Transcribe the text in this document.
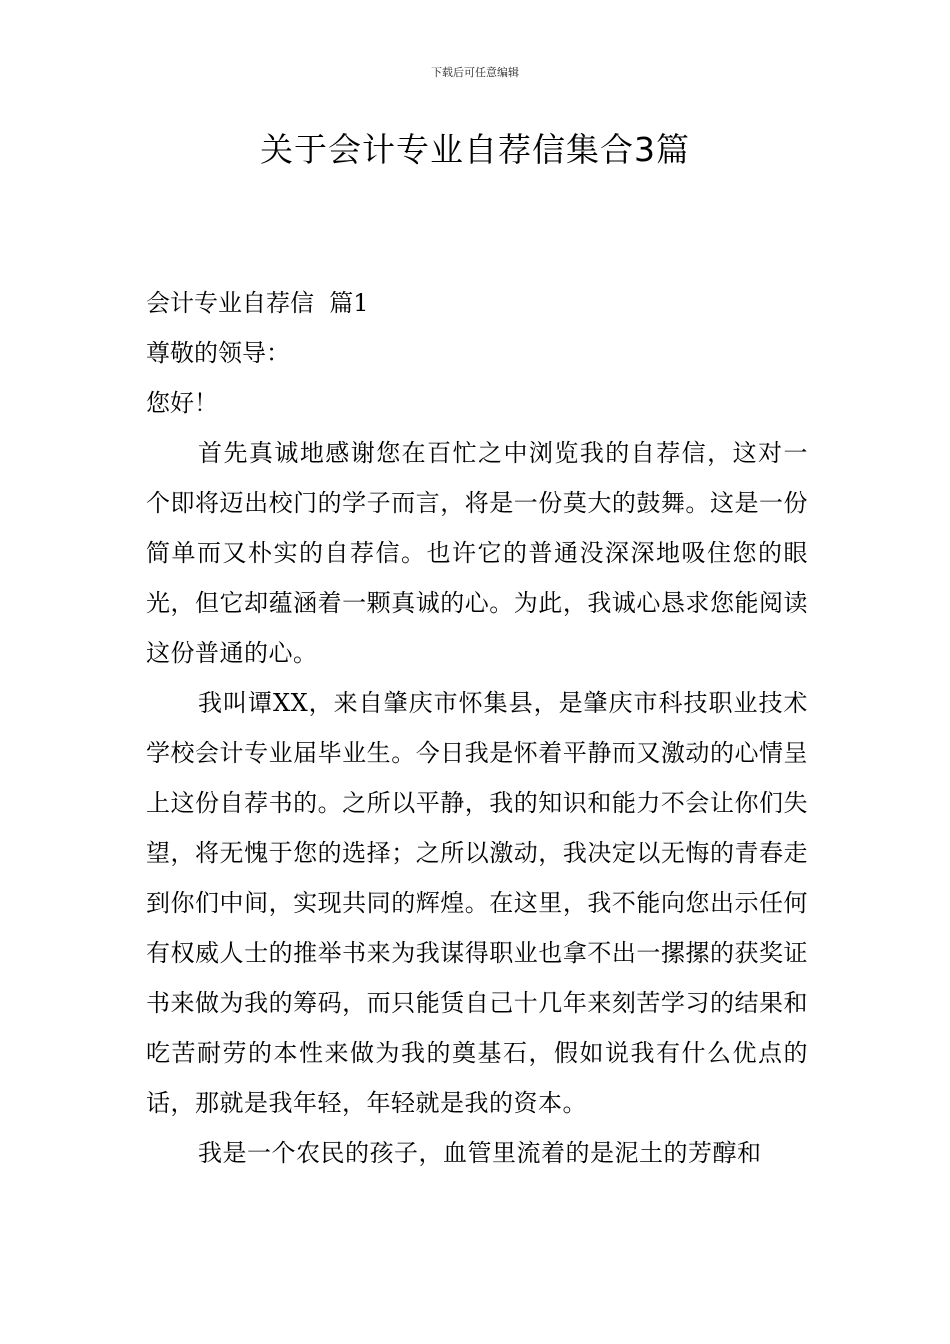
下载后可任意编辑
关于会计专业自荐信集合3篇

会计专业自荐信  篇1

尊敬的领导：

您好！

首先真诚地感谢您在百忙之中浏览我的自荐信，这对一个即将迈出校门的学子而言，将是一份莫大的鼓舞。这是一份简单而又朴实的自荐信。也许它的普通没深深地吸住您的眼光，但它却蕴涵着一颗真诚的心。为此，我诚心恳求您能阅读这份普通的心。

我叫谭XX，来自肇庆市怀集县，是肇庆市科技职业技术学校会计专业届毕业生。今日我是怀着平静而又激动的心情呈上这份自荐书的。之所以平静，我的知识和能力不会让你们失望，将无愧于您的选择；之所以激动，我决定以无悔的青春走到你们中间，实现共同的辉煌。在这里，我不能向您出示任何有权威人士的推举书来为我谋得职业也拿不出一摞摞的获奖证书来做为我的筹码，而只能赁自己十几年来刻苦学习的结果和吃苦耐劳的本性来做为我的奠基石，假如说我有什么优点的话，那就是我年轻，年轻就是我的资本。

我是一个农民的孩子，血管里流着的是泥土的芳醇和
